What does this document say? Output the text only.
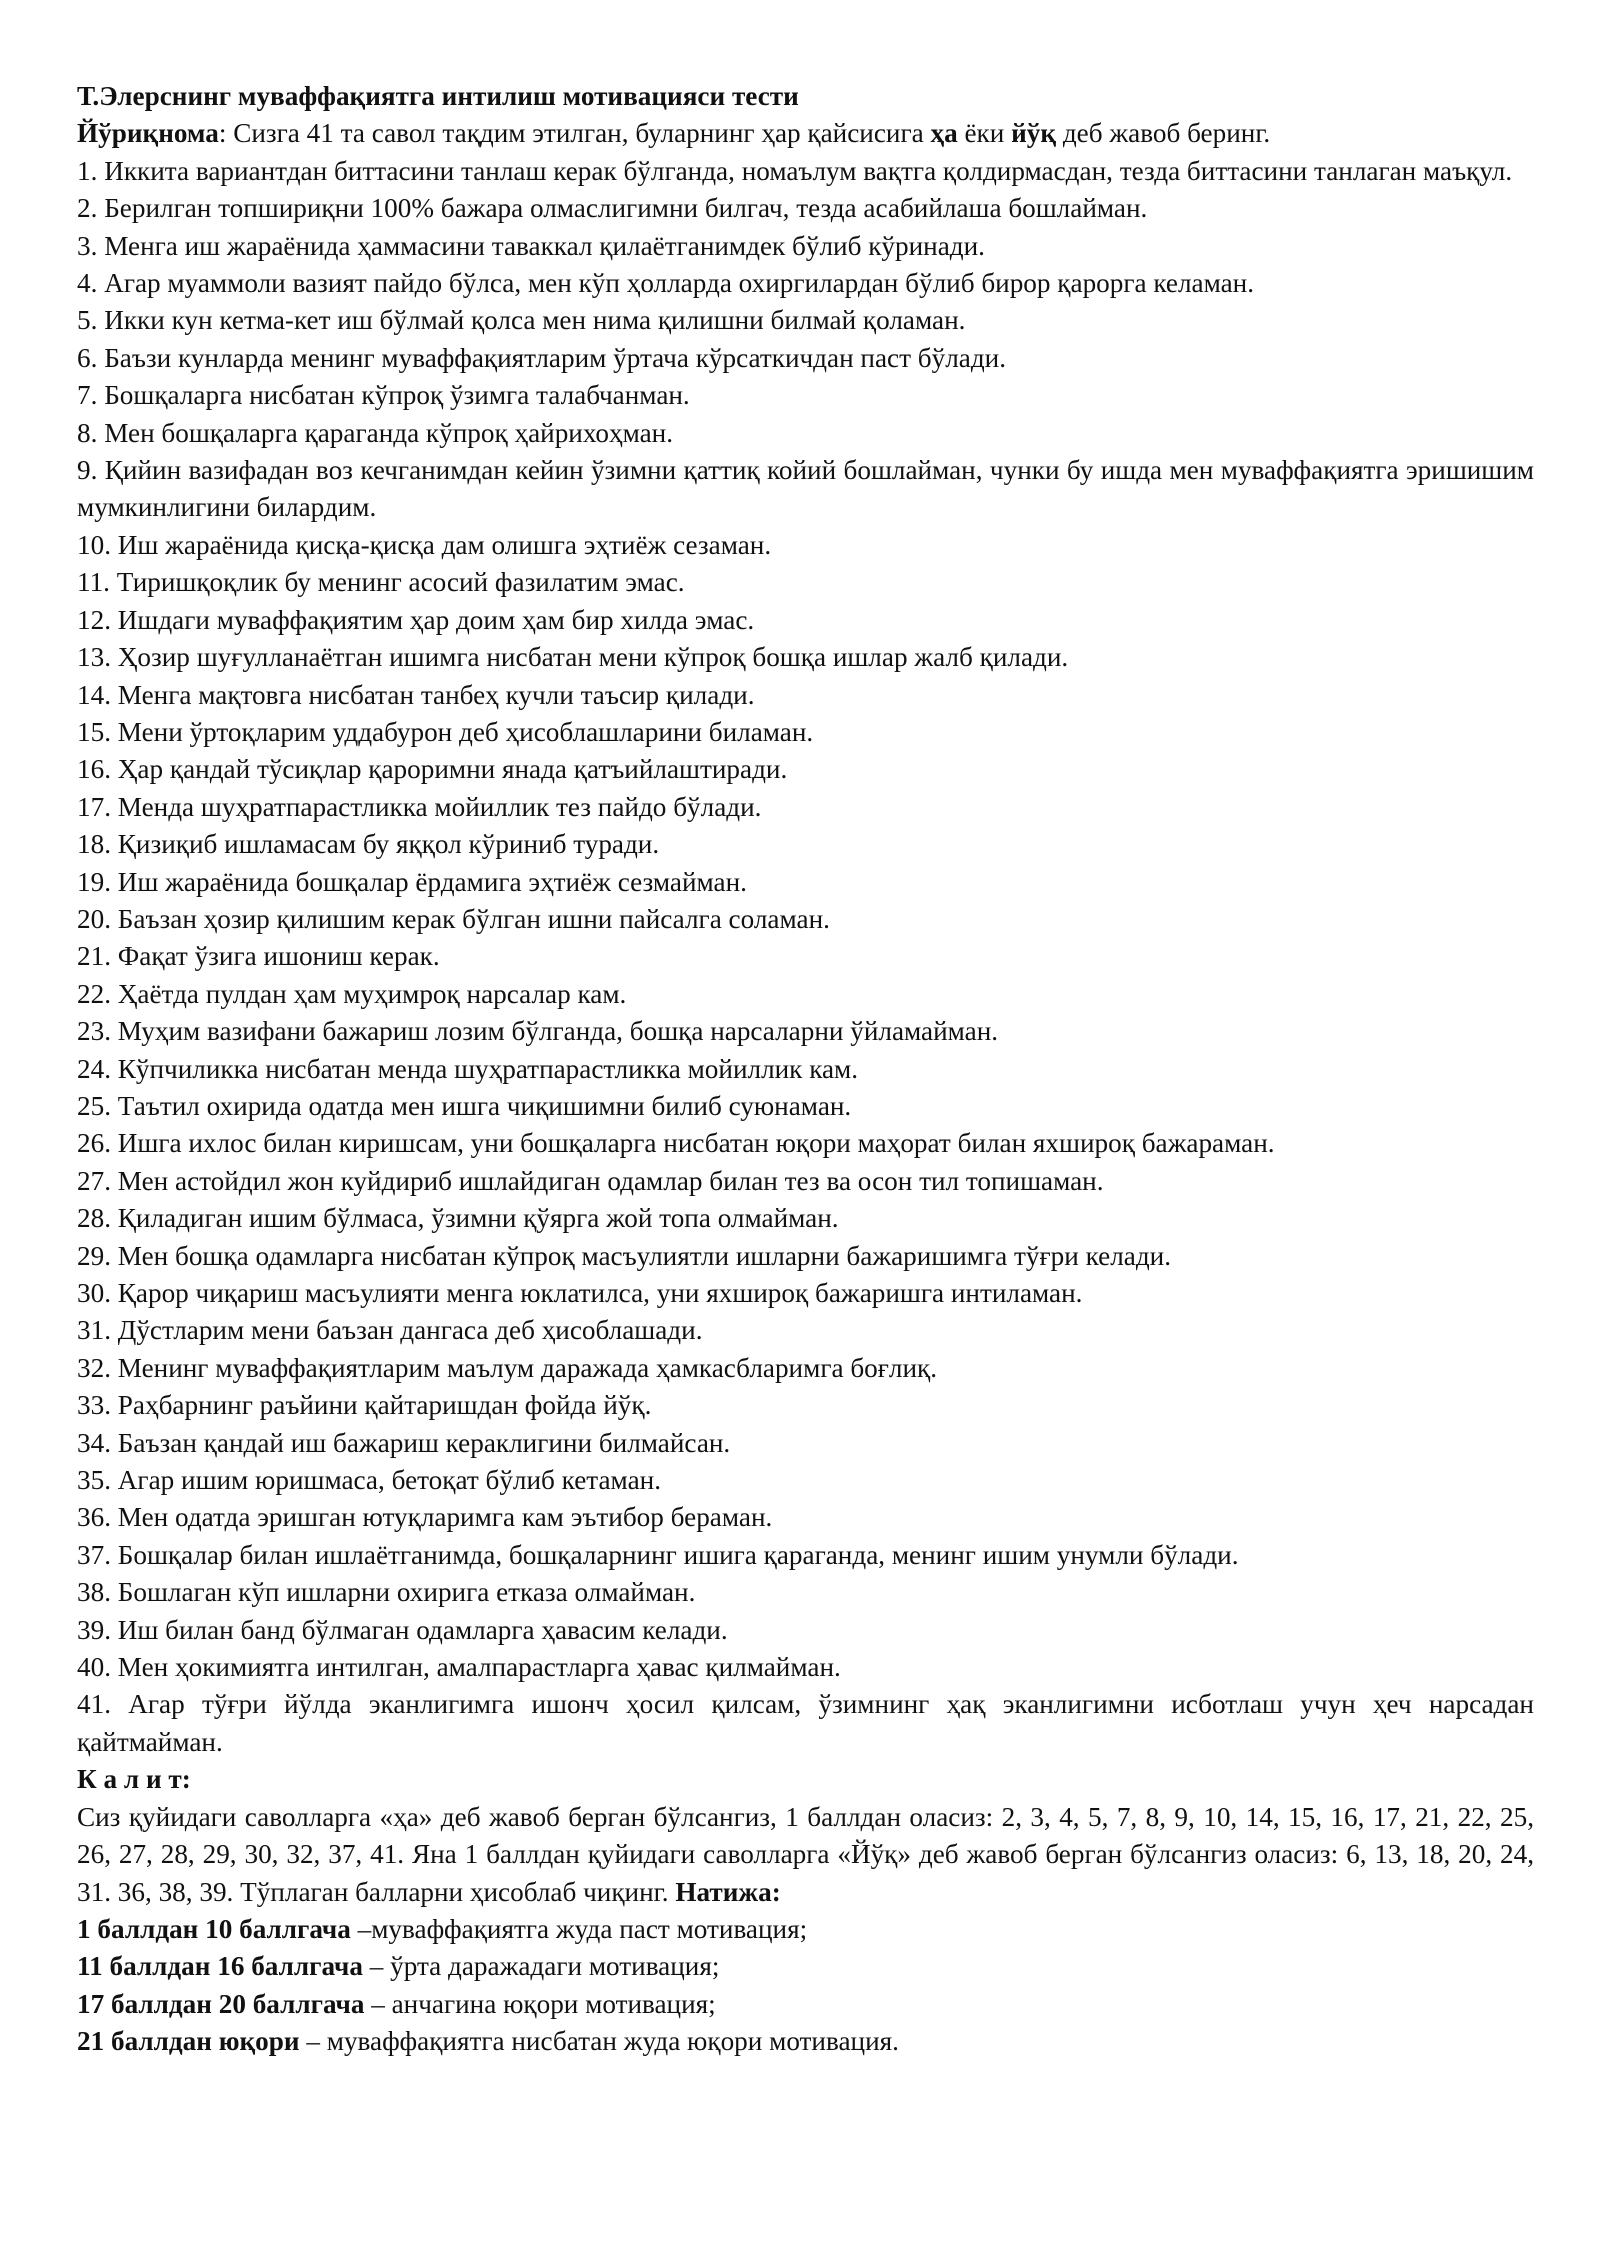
Т.Элерснинг муваффақиятга интилиш мотивацияси тести

Йўриқнома: Сизга 41 та савол тақдим этилган, буларнинг ҳар қайсисига ҳа ёки йўқ деб жавоб беринг.

1. Иккита вариантдан биттасини танлаш керак бўлганда, номаълум вақтга қолдирмасдан, тезда биттасини танлаган маъқул.

2. Берилган топшириқни 100% бажара олмаслигимни билгач, тезда асабийлаша бошлайман.

3. Менга иш жараёнида ҳаммасини таваккал қилаётганимдек бўлиб кўринади.

4. Агар муаммоли вазият пайдо бўлса, мен кўп ҳолларда охиргилардан бўлиб бирор қарорга келаман.

5. Икки кун кетма-кет иш бўлмай қолса мен нима қилишни билмай қоламан.

6. Баъзи кунларда менинг муваффақиятларим ўртача кўрсаткичдан паст бўлади.

7. Бошқаларга нисбатан кўпроқ ўзимга талабчанман.

8. Мен бошқаларга қараганда кўпроқ ҳайрихоҳман.

9. Қийин вазифадан воз кечганимдан кейин ўзимни қаттиқ койий бошлайман, чунки бу ишда мен муваффақиятга эришишим мумкинлигини билардим.

10. Иш жараёнида қисқа-қисқа дам олишга эҳтиёж сезаман.

11. Тиришқоқлик бу менинг асосий фазилатим эмас.

12. Ишдаги муваффақиятим ҳар доим ҳам бир хилда эмас.

13. Ҳозир шуғулланаётган ишимга нисбатан мени кўпроқ бошқа ишлар жалб қилади.

14. Менга мақтовга нисбатан танбеҳ кучли таъсир қилади.

15. Мени ўртоқларим уддабурон деб ҳисоблашларини биламан.

16. Ҳар қандай тўсиқлар қароримни янада қатъийлаштиради.

17. Менда шуҳратпарастликка мойиллик тез пайдо бўлади.

18. Қизиқиб ишламасам бу яққол кўриниб туради.

19. Иш жараёнида бошқалар ёрдамига эҳтиёж сезмайман.

20. Баъзан ҳозир қилишим керак бўлган ишни пайсалга соламан.

21. Фақат ўзига ишониш керак.

22. Ҳаётда пулдан ҳам муҳимроқ нарсалар кам.

23. Муҳим вазифани бажариш лозим бўлганда, бошқа нарсаларни ўйламайман.

24. Кўпчиликка нисбатан менда шуҳратпарастликка мойиллик кам.

25. Таътил охирида одатда мен ишга чиқишимни билиб суюнаман.

26. Ишга ихлос билан киришсам, уни бошқаларга нисбатан юқори маҳорат билан яхшироқ бажараман.

27. Мен астойдил жон куйдириб ишлайдиган одамлар билан тез ва осон тил топишаман.

28. Қиладиган ишим бўлмаса, ўзимни қўярга жой топа олмайман.

29. Мен бошқа одамларга нисбатан кўпроқ масъулиятли ишларни бажаришимга тўғри келади.

30. Қарор чиқариш масъулияти менга юклатилса, уни яхшироқ бажаришга интиламан.

31. Дўстларим мени баъзан дангаса деб ҳисоблашади.

32. Менинг муваффақиятларим маълум даражада ҳамкасбларимга боғлиқ.

33. Раҳбарнинг раъйини қайтаришдан фойда йўқ.

34. Баъзан қандай иш бажариш кераклигини билмайсан.

35. Агар ишим юришмаса, бетоқат бўлиб кетаман.

36. Мен одатда эришган ютуқларимга кам эътибор бераман.

37. Бошқалар билан ишлаётганимда, бошқаларнинг ишига қараганда, менинг ишим унумли бўлади.

38. Бошлаган кўп ишларни охирига етказа олмайман.

39. Иш билан банд бўлмаган одамларга ҳавасим келади.

40. Мен ҳокимиятга интилган, амалпарастларга ҳавас қилмайман.

41. Агар тўғри йўлда эканлигимга ишонч ҳосил қилсам, ўзимнинг ҳақ эканлигимни исботлаш учун ҳеч нарсадан қайтмайман.

К а л и т:

Сиз қуйидаги саволларга «ҳа» деб жавоб берган бўлсангиз, 1 баллдан оласиз: 2, 3, 4, 5, 7, 8, 9, 10, 14, 15, 16, 17, 21, 22, 25, 26, 27, 28, 29, 30, 32, 37, 41. Яна 1 баллдан қуйидаги саволларга «Йўқ» деб жавоб берган бўлсангиз оласиз: 6, 13, 18, 20, 24, 31. 36, 38, 39. Тўплаган балларни ҳисоблаб чиқинг. Натижа:

1 баллдан 10 баллгача –муваффақиятга жуда паст мотивация;

11 баллдан 16 баллгача – ўрта даражадаги мотивация;

17 баллдан 20 баллгача – анчагина юқори мотивация;

21 баллдан юқори – муваффақиятга нисбатан жуда юқори мотивация.
